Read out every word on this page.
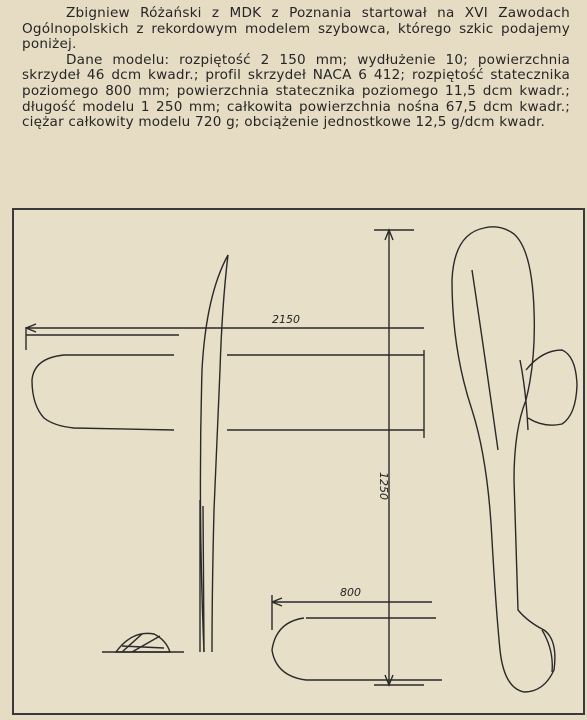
Zbigniew Różański z MDK z Poznania startował na XVI Zawodach Ogólnopolskich z rekordowym modelem szybowca, którego szkic podajemy poniżej.

Dane modelu: rozpiętość 2 150 mm; wydłużenie 10; powierzchnia skrzydeł 46 dcm kwadr.; profil skrzydeł NACA 6 412; rozpiętość statecznika poziomego 800 mm; powierzchnia statecznika poziomego 11,5 dcm kwadr.; długość modelu 1 250 mm; całkowita powierzchnia nośna 67,5 dcm kwadr.; ciężar całkowity modelu 720 g; obciążenie jednostkowe 12,5 g/dcm kwadr.

2150
1250
800
